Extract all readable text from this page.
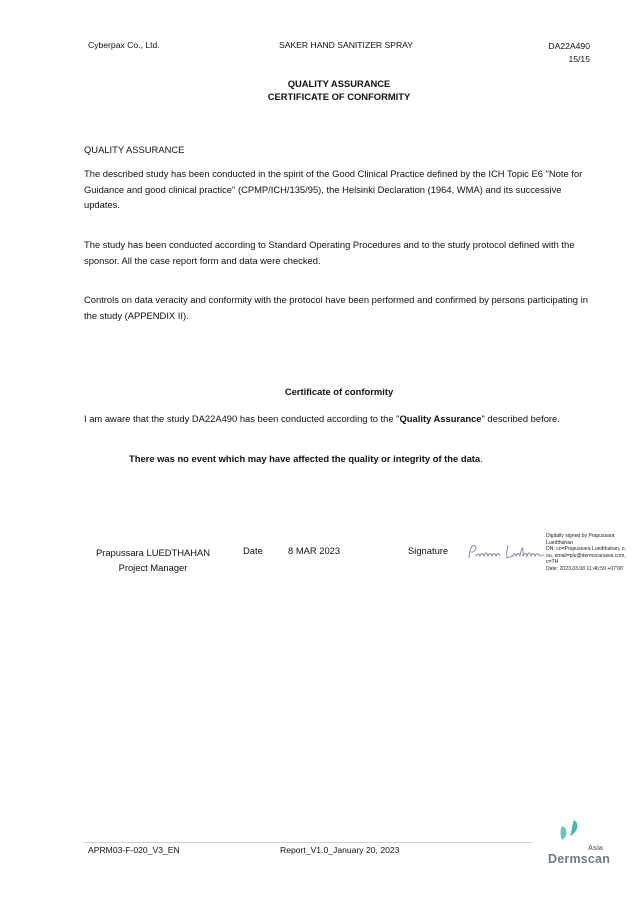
Cyberpax Co., Ltd.	SAKER HAND SANITIZER SPRAY	DA22A490
15/15
QUALITY ASSURANCE
CERTIFICATE OF CONFORMITY
QUALITY ASSURANCE
The described study has been conducted in the spirit of the Good Clinical Practice defined by the ICH Topic E6 "Note for Guidance and good clinical practice" (CPMP/ICH/135/95), the Helsinki Declaration (1964, WMA) and its successive updates.
The study has been conducted according to Standard Operating Procedures and to the study protocol defined with the sponsor. All the case report form and data were checked.
Controls on data veracity and conformity with the protocol have been performed and confirmed by persons participating in the study (APPENDIX II).
Certificate of conformity
I am aware that the study DA22A490 has been conducted according to the "Quality Assurance" described before.
There was no event which may have affected the quality or integrity of the data.
Prapussara LUEDTHAHAN
Project Manager
Date	8 MAR 2023	Signature
Digitally signed by Prapussara
Luedthahan
DN: cn=Prapussara Luedthahan, o,
ou, email=plu@dermscanasia.com,
c=TH
Date: 2023.03.08 11:46:59 +07'00'
APRM03-F-020_V3_EN	Report_V1.0_January 20, 2023	Asia
Dermscan
